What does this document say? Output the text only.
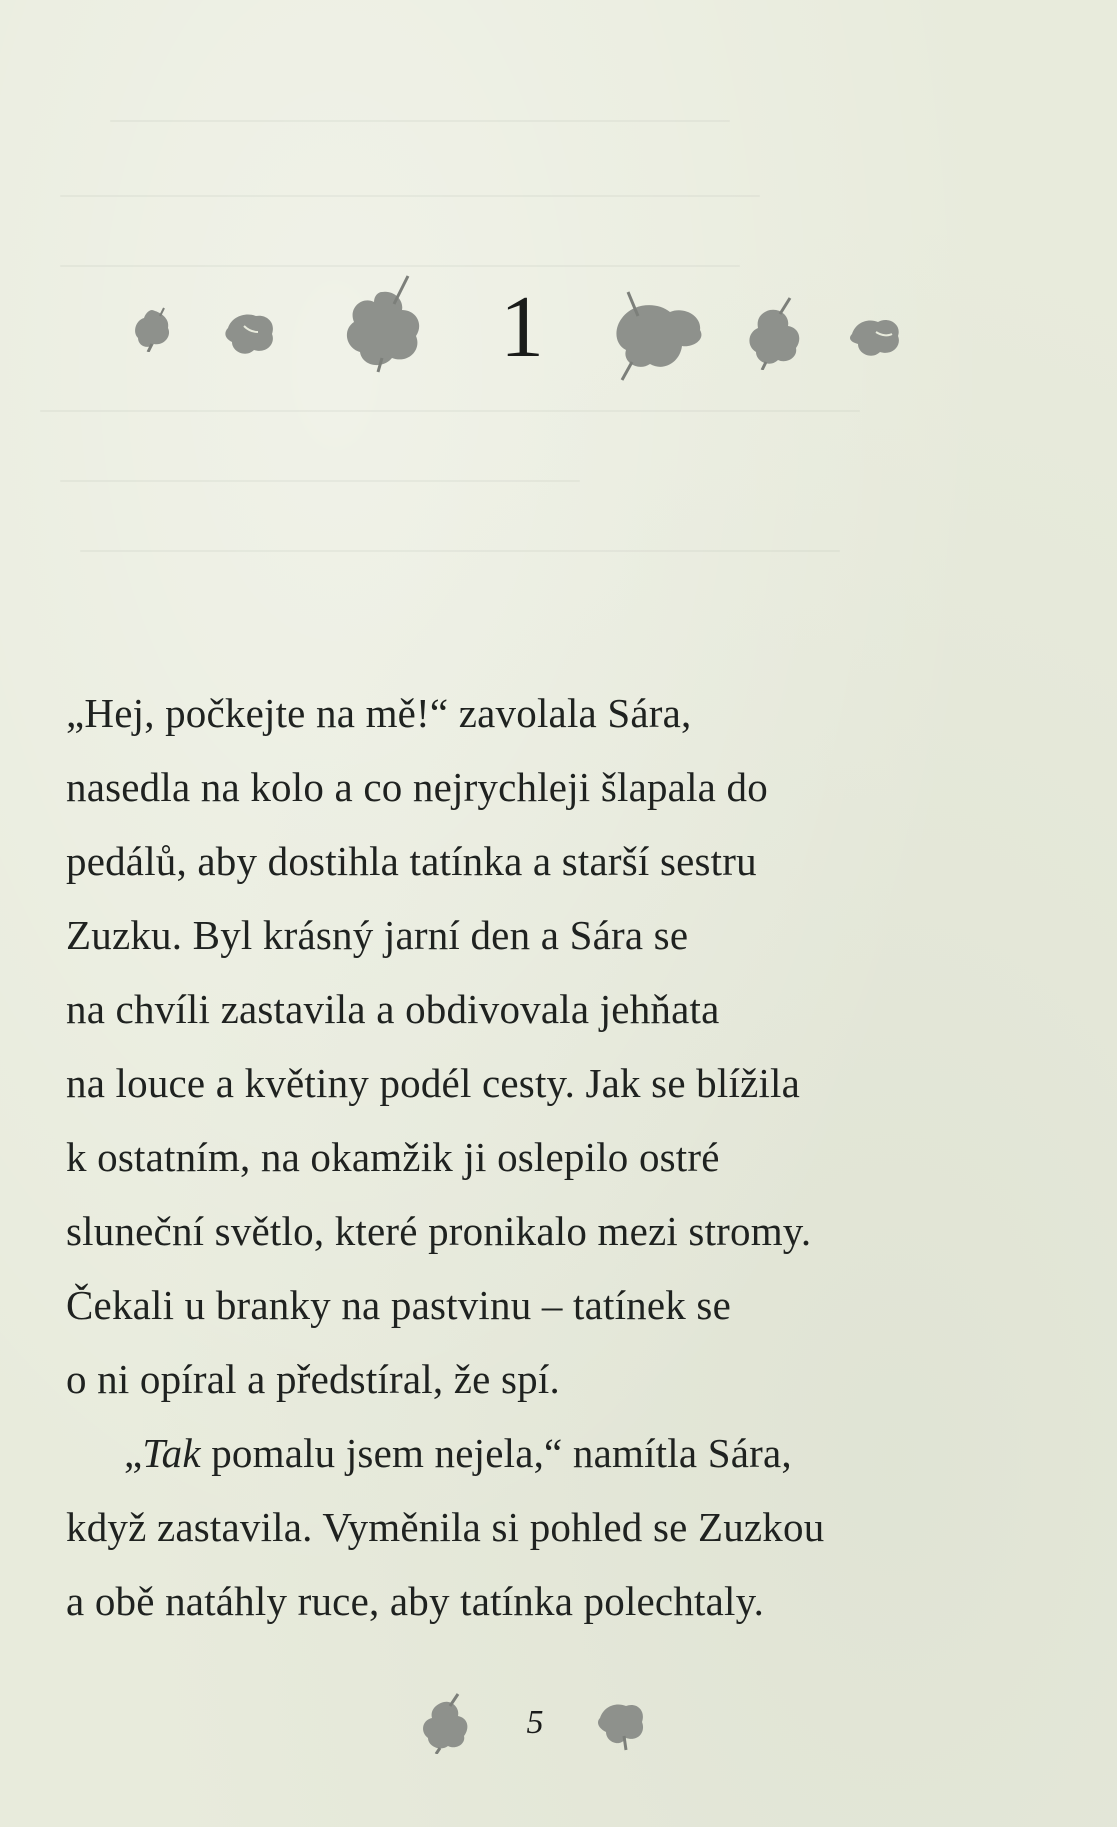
1
„Hej, počkejte na mě!“ zavolala Sára,
nasedla na kolo a co nejrychleji šlapala do
pedálů, aby dostihla tatínka a starší sestru
Zuzku. Byl krásný jarní den a Sára se
na chvíli zastavila a obdivovala jehňata
na louce a květiny podél cesty. Jak se blížila
k ostatním, na okamžik ji oslepilo ostré
sluneční světlo, které pronikalo mezi stromy.
Čekali u branky na pastvinu – tatínek se
o ni opíral a předstíral, že spí.
„Tak pomalu jsem nejela,“ namítla Sára,
když zastavila. Vyměnila si pohled se Zuzkou
a obě natáhly ruce, aby tatínka polechtaly.
5
